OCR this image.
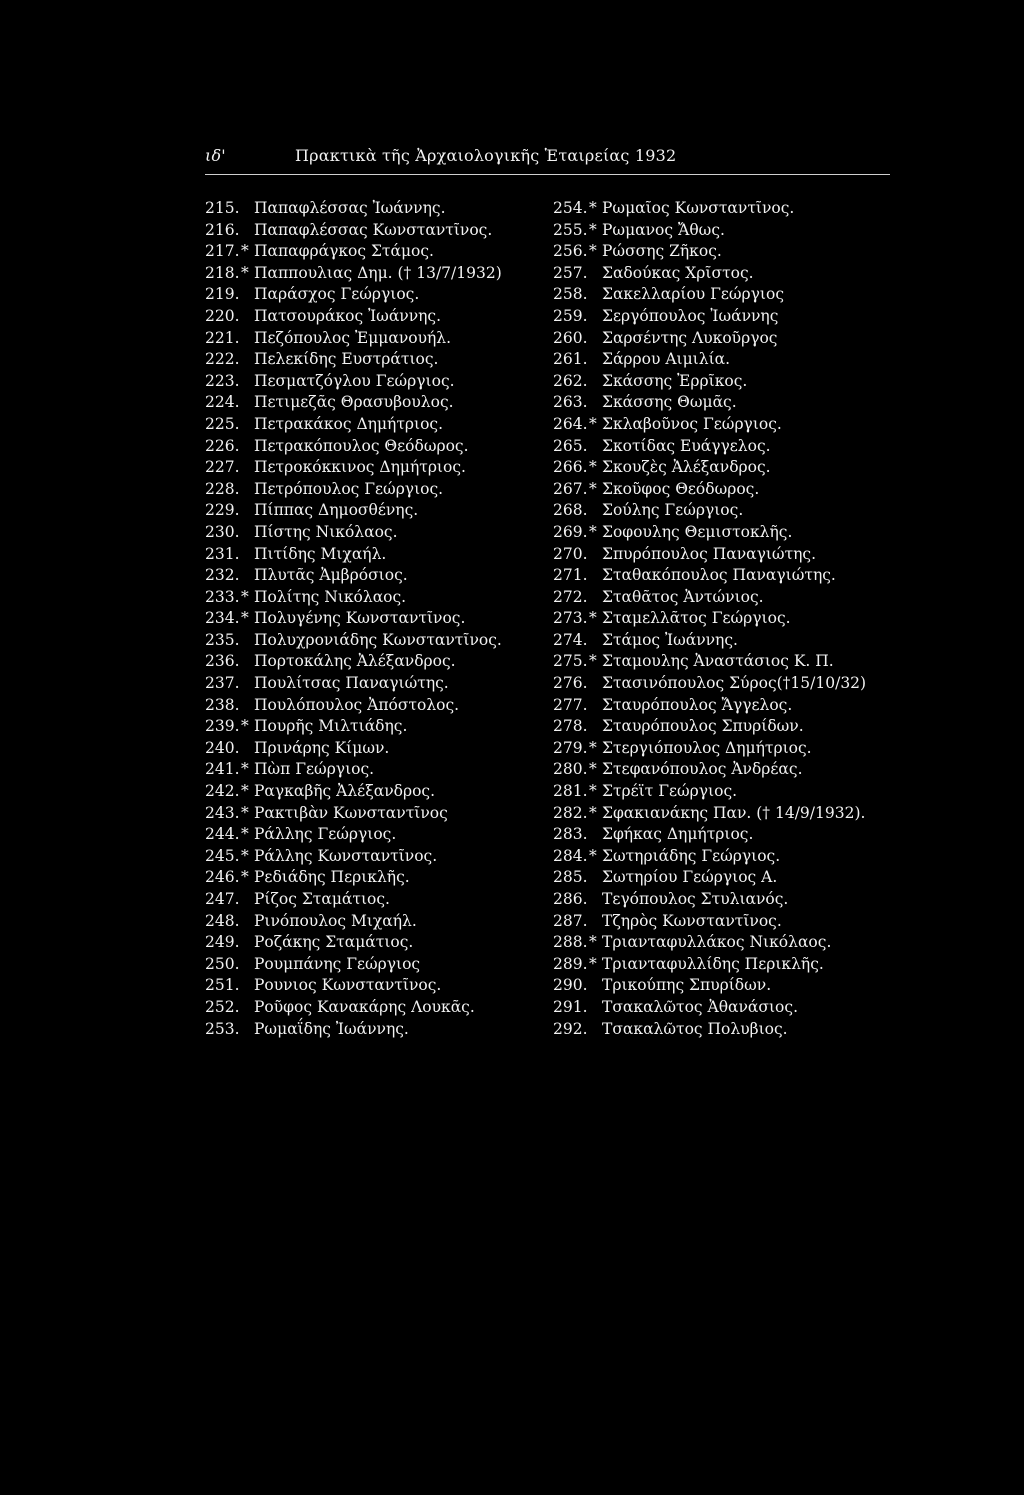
ιδ'	Πρακτικὰ τῆς Ἀρχαιολογικῆς Ἑταιρείας 1932
215. Παπαφλέσσας Ἰωάννης.
216. Παπαφλέσσας Κωνσταντῖνος.
217.* Παπαφράγκος Στάμος.
218.* Παππουλιας Δημ. († 13/7/1932)
219. Παράσχος Γεώργιος.
220. Πατσουράκος Ἰωάννης.
221. Πεζόπουλος Ἐμμανουήλ.
222. Πελεκίδης Ευστράτιος.
223. Πεσματζόγλου Γεώργιος.
224. Πετιμεζᾶς Θρασυβουλος.
225. Πετρακάκος Δημήτριος.
226. Πετρακόπουλος Θεόδωρος.
227. Πετροκόκκινος Δημήτριος.
228. Πετρόπουλος Γεώργιος.
229. Πίππας Δημοσθένης.
230. Πίστης Νικόλαος.
231. Πιτίδης Μιχαήλ.
232. Πλυτᾶς Ἀμβρόσιος.
233.* Πολίτης Νικόλαος.
234.* Πολυγένης Κωνσταντῖνος.
235. Πολυχρονιάδης Κωνσταντῖνος.
236. Πορτοκάλης Ἀλέξανδρος.
237. Πουλίτσας Παναγιώτης.
238. Πουλόπουλος Ἀπόστολος.
239.* Πουρῆς Μιλτιάδης.
240. Πρινάρης Κίμων.
241.* Πὼπ Γεώργιος.
242.* Ραγκαβῆς Ἀλέξανδρος.
243.* Ρακτιβὰν Κωνσταντῖνος
244.* Ράλλης Γεώργιος.
245.* Ράλλης Κωνσταντῖνος.
246.* Ρεδιάδης Περικλῆς.
247. Ρίζος Σταμάτιος.
248. Ρινόπουλος Μιχαήλ.
249. Ροζάκης Σταμάτιος.
250. Ρουμπάνης Γεώργιος
251. Ρουνιος Κωνσταντῖνος.
252. Ροῦφος Κανακάρης Λουκᾶς.
253. Ρωμαΐδης Ἰωάννης.
254.* Ρωμαῖος Κωνσταντῖνος.
255.* Ρωμανος Ἄθως.
256.* Ρώσσης Ζῆκος.
257. Σαδούκας Χρῖστος.
258. Σακελλαρίου Γεώργιος
259. Σεργόπουλος Ἰωάννης
260. Σαρσέντης Λυκοῦργος
261. Σάρρου Αιμιλία.
262. Σκάσσης Ἐρρῖκος.
263. Σκάσσης Θωμᾶς.
264.* Σκλαβοῦνος Γεώργιος.
265. Σκοτίδας Ευάγγελος.
266.* Σκουζὲς Ἀλέξανδρος.
267.* Σκοῦφος Θεόδωρος.
268. Σούλης Γεώργιος.
269.* Σοφουλης Θεμιστοκλῆς.
270. Σπυρόπουλος Παναγιώτης.
271. Σταθακόπουλος Παναγιώτης.
272. Σταθᾶτος Ἀντώνιος.
273.* Σταμελλᾶτος Γεώργιος.
274. Στάμος Ἰωάννης.
275.* Σταμουλης Ἀναστάσιος Κ. Π.
276. Στασινόπουλος Σύρος(†15/10/32)
277. Σταυρόπουλος Ἄγγελος.
278. Σταυρόπουλος Σπυρίδων.
279.* Στεργιόπουλος Δημήτριος.
280.* Στεφανόπουλος Ἀνδρέας.
281.* Στρέϊτ Γεώργιος.
282.* Σφακιανάκης Παν. († 14/9/1932).
283. Σφήκας Δημήτριος.
284.* Σωτηριάδης Γεώργιος.
285. Σωτηρίου Γεώργιος Α.
286. Τεγόπουλος Στυλιανός.
287. Τζηρὸς Κωνσταντῖνος.
288.* Τριανταφυλλάκος Νικόλαος.
289.* Τριανταφυλλίδης Περικλῆς.
290. Τρικούπης Σπυρίδων.
291. Τσακαλῶτος Ἀθανάσιος.
292. Τσακαλῶτος Πολυβιος.
